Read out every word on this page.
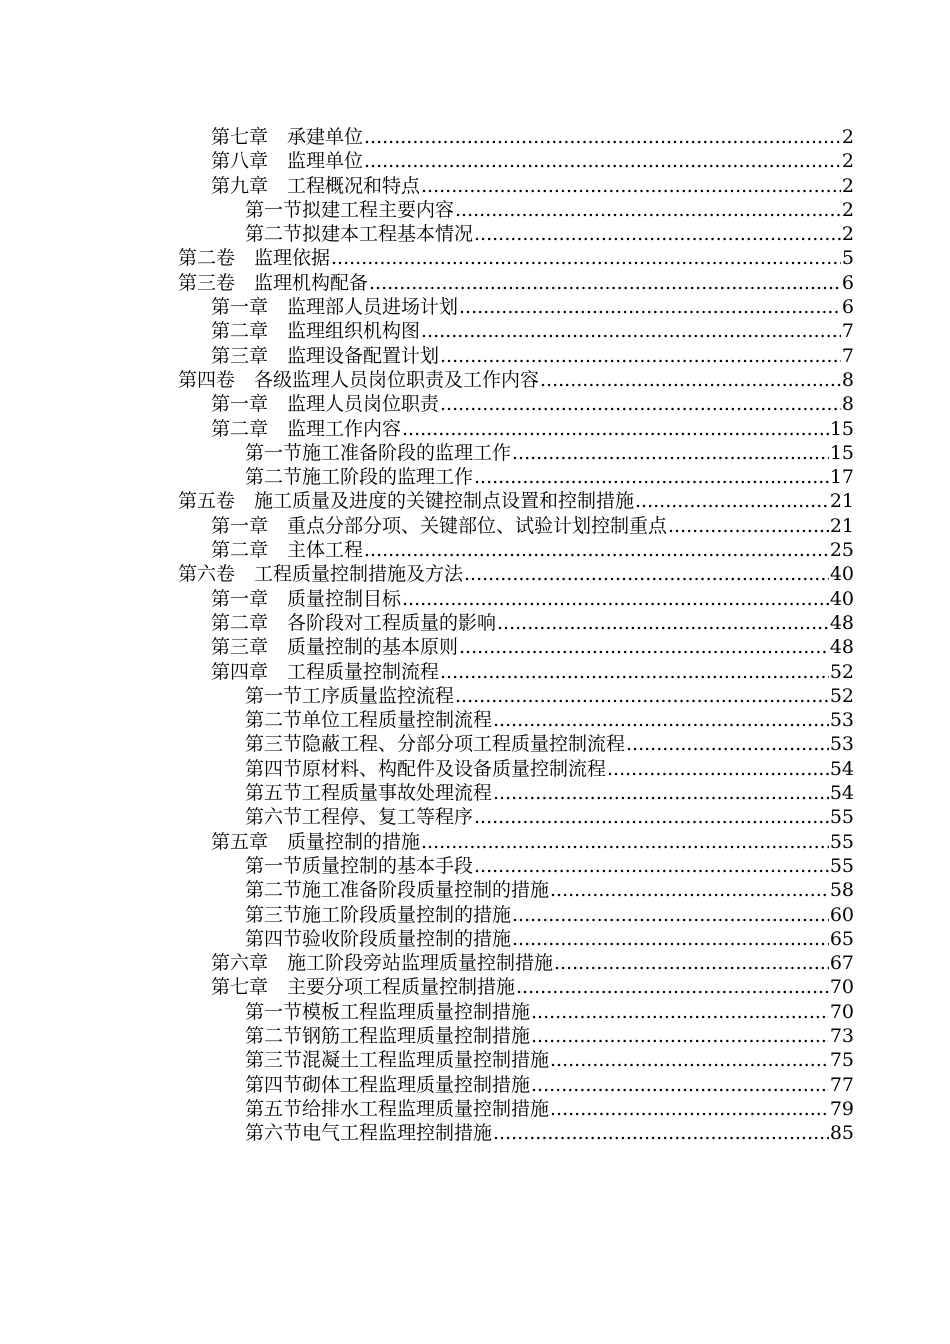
第七章　承建单位 .....	2
第八章　监理单位 .....	2
第九章　工程概况和特点 .....	2
第一节拟建工程主要内容 .....	2
第二节拟建本工程基本情况 .....	2
第二卷　监理依据 .....	5
第三卷　监理机构配备 .....	6
第一章　监理部人员进场计划 .....	6
第二章　监理组织机构图 .....	7
第三章　监理设备配置计划 .....	7
第四卷　各级监理人员岗位职责及工作内容 .....	8
第一章　监理人员岗位职责 .....	8
第二章　监理工作内容 .....	15
第一节施工准备阶段的监理工作 .....	15
第二节施工阶段的监理工作 .....	17
第五卷　施工质量及进度的关键控制点设置和控制措施 .....	21
第一章　重点分部分项、关键部位、试验计划控制重点 .....	21
第二章　主体工程 .....	25
第六卷　工程质量控制措施及方法 .....	40
第一章　质量控制目标 .....	40
第二章　各阶段对工程质量的影响 .....	48
第三章　质量控制的基本原则 .....	48
第四章　工程质量控制流程 .....	52
第一节工序质量监控流程 .....	52
第二节单位工程质量控制流程 .....	53
第三节隐蔽工程、分部分项工程质量控制流程 .....	53
第四节原材料、构配件及设备质量控制流程 .....	54
第五节工程质量事故处理流程 .....	54
第六节工程停、复工等程序 .....	55
第五章　质量控制的措施 .....	55
第一节质量控制的基本手段 .....	55
第二节施工准备阶段质量控制的措施 .....	58
第三节施工阶段质量控制的措施 .....	60
第四节验收阶段质量控制的措施 .....	65
第六章　施工阶段旁站监理质量控制措施 .....	67
第七章　主要分项工程质量控制措施 .....	70
第一节模板工程监理质量控制措施 .....	70
第二节钢筋工程监理质量控制措施 .....	73
第三节混凝土工程监理质量控制措施 .....	75
第四节砌体工程监理质量控制措施 .....	77
第五节给排水工程监理质量控制措施 .....	79
第六节电气工程监理控制措施 .....	85
